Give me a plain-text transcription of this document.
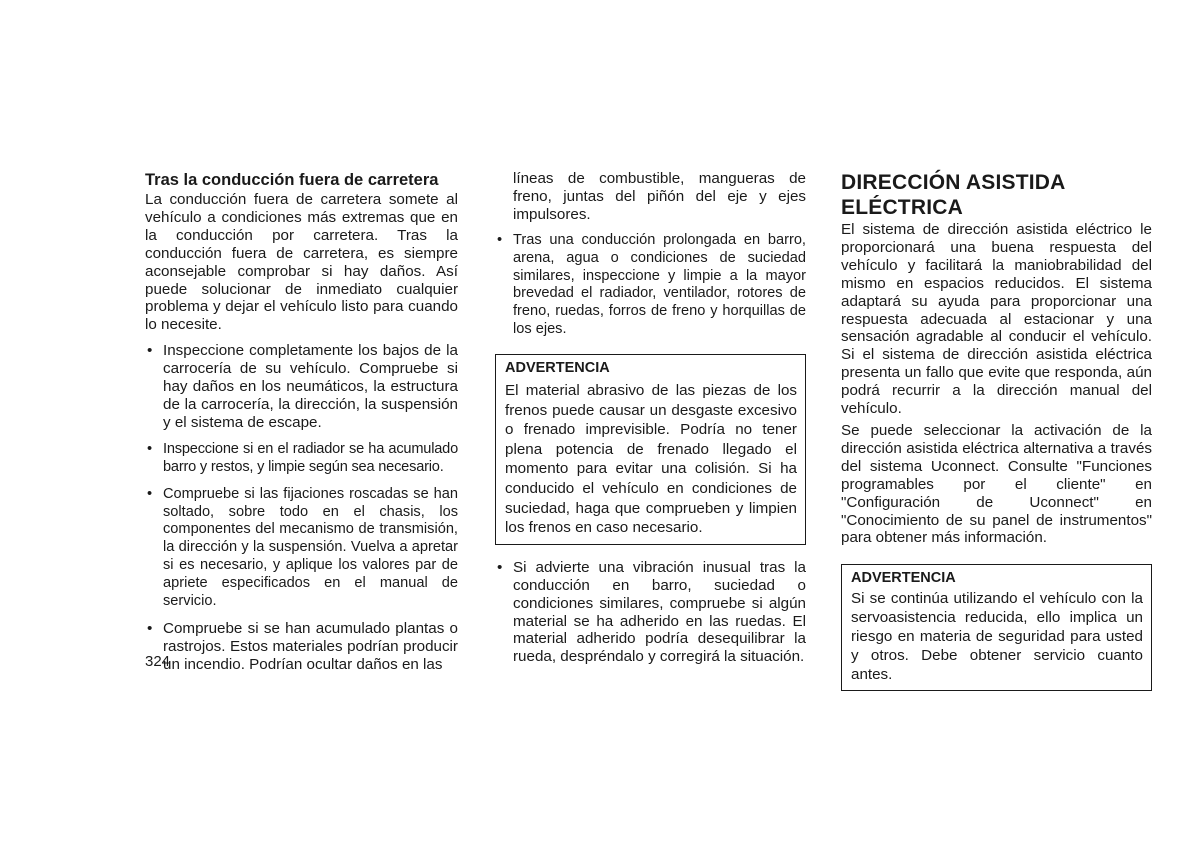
Tras la conducción fuera de carretera

La conducción fuera de carretera somete al vehículo a condiciones más extremas que en la conducción por carretera. Tras la conducción fuera de carretera, es siempre aconsejable comprobar si hay daños. Así puede solucionar de inmediato cualquier problema y dejar el vehículo listo para cuando lo necesite.

• Inspeccione completamente los bajos de la carrocería de su vehículo. Compruebe si hay daños en los neumáticos, la estructura de la carrocería, la dirección, la suspensión y el sistema de escape.
• Inspeccione si en el radiador se ha acumulado barro y restos, y limpie según sea necesario.
• Compruebe si las fijaciones roscadas se han soltado, sobre todo en el chasis, los componentes del mecanismo de transmisión, la dirección y la suspensión. Vuelva a apretar si es necesario, y aplique los valores par de apriete especificados en el manual de servicio.
• Compruebe si se han acumulado plantas o rastrojos. Estos materiales podrían producir un incendio. Podrían ocultar daños en las

líneas de combustible, mangueras de freno, juntas del piñón del eje y ejes impulsores.

• Tras una conducción prolongada en barro, arena, agua o condiciones de suciedad similares, inspeccione y limpie a la mayor brevedad el radiador, ventilador, rotores de freno, ruedas, forros de freno y horquillas de los ejes.
ADVERTENCIA
El material abrasivo de las piezas de los frenos puede causar un desgaste excesivo o frenado imprevisible. Podría no tener plena potencia de frenado llegado el momento para evitar una colisión. Si ha conducido el vehículo en condiciones de suciedad, haga que comprueben y limpien los frenos en caso necesario.
• Si advierte una vibración inusual tras la conducción en barro, suciedad o condiciones similares, compruebe si algún material se ha adherido en las ruedas. El material adherido podría desequilibrar la rueda, despréndalo y corregirá la situación.
DIRECCIÓN ASISTIDA ELÉCTRICA

El sistema de dirección asistida eléctrico le proporcionará una buena respuesta del vehículo y facilitará la maniobrabilidad del mismo en espacios reducidos. El sistema adaptará su ayuda para proporcionar una respuesta adecuada al estacionar y una sensación agradable al conducir el vehículo. Si el sistema de dirección asistida eléctrica presenta un fallo que evite que responda, aún podrá recurrir a la dirección manual del vehículo.

Se puede seleccionar la activación de la dirección asistida eléctrica alternativa a través del sistema Uconnect. Consulte "Funciones programables por el cliente" en "Configuración de Uconnect" en "Conocimiento de su panel de instrumentos" para obtener más información.

ADVERTENCIA
Si se continúa utilizando el vehículo con la servoasistencia reducida, ello implica un riesgo en materia de seguridad para usted y otros. Debe obtener servicio cuanto antes.
324
